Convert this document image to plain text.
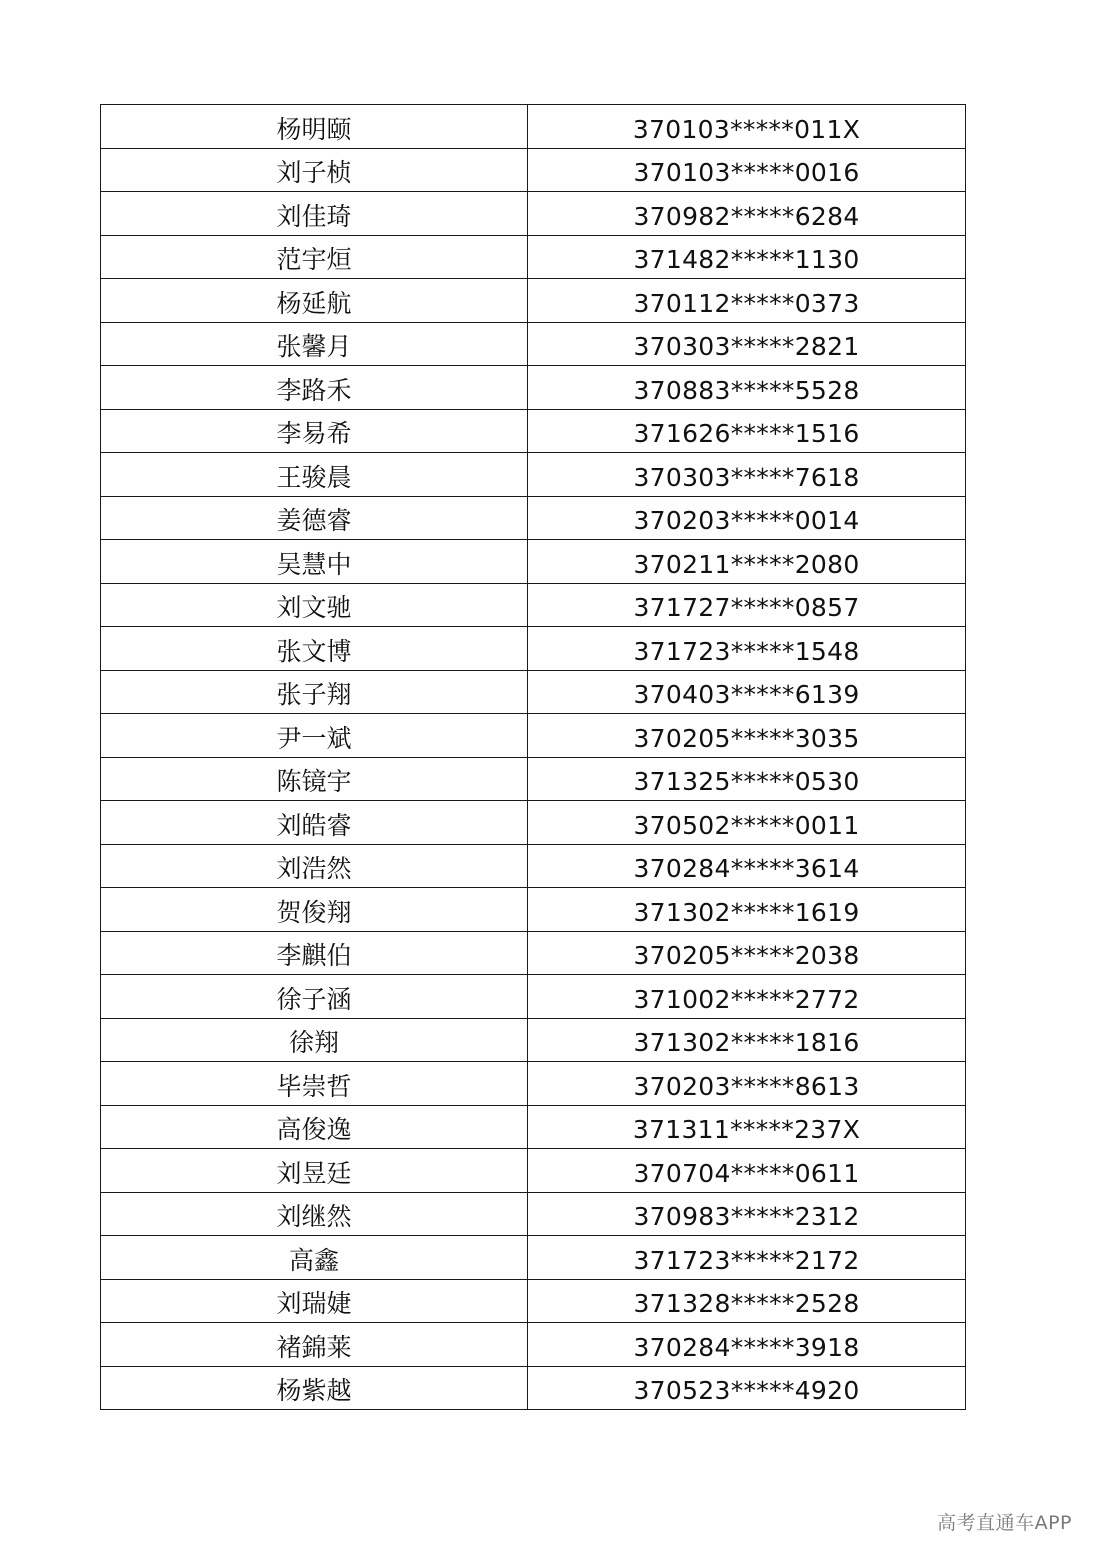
杨明颐	370103*****011X
刘子桢	370103*****0016
刘佳琦	370982*****6284
范宇烜	371482*****1130
杨延航	370112*****0373
张馨月	370303*****2821
李路禾	370883*****5528
李易希	371626*****1516
王骏晨	370303*****7618
姜德睿	370203*****0014
吴慧中	370211*****2080
刘文驰	371727*****0857
张文博	371723*****1548
张子翔	370403*****6139
尹一斌	370205*****3035
陈镜宇	371325*****0530
刘皓睿	370502*****0011
刘浩然	370284*****3614
贺俊翔	371302*****1619
李麒伯	370205*****2038
徐子涵	371002*****2772
徐翔	371302*****1816
毕崇哲	370203*****8613
高俊逸	371311*****237X
刘昱廷	370704*****0611
刘继然	370983*****2312
高鑫	371723*****2172
刘瑞婕	371328*****2528
褚錦莱	370284*****3918
杨紫越	370523*****4920
高考直通车APP
